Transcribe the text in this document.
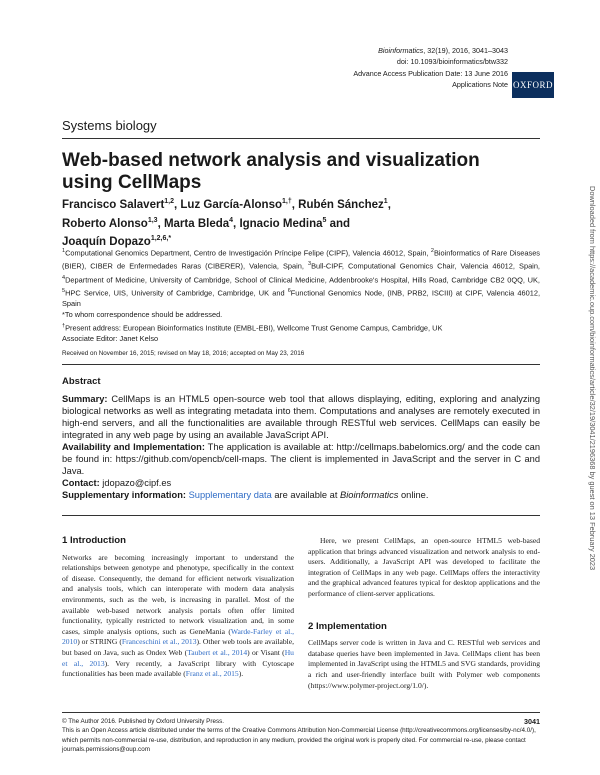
Bioinformatics, 32(19), 2016, 3041–3043
doi: 10.1093/bioinformatics/btw332
Advance Access Publication Date: 13 June 2016
Applications Note OXFORD
Systems biology
Web-based network analysis and visualization using CellMaps
Francisco Salavert$^{1,2}$, Luz García-Alonso$^{1,\dagger}$, Rubén Sánchez$^1$,
Roberto Alonso$^{1,3}$, Marta Bleda$^4$, Ignacio Medina$^5$ and
Joaquín Dopazo$^{1,2,6,*}$
$^1$Computational Genomics Department, Centro de Investigación Príncipe Felipe (CIPF), Valencia 46012, Spain, $^2$Bioinformatics of Rare Diseases (BIER), CIBER de Enfermedades Raras (CIBERER), Valencia, Spain, $^3$Bull-CIPF, Computational Genomics Chair, Valencia 46012, Spain, $^4$Department of Medicine, University of Cambridge, School of Clinical Medicine, Addenbrooke's Hospital, Hills Road, Cambridge CB2 0QQ, UK, $^5$HPC Service, UIS, University of Cambridge, Cambridge, UK and $^6$Functional Genomics Node, (INB, PRB2, ISCIII) at CIPF, Valencia 46012, Spain
*To whom correspondence should be addressed.
†Present address: European Bioinformatics Institute (EMBL-EBI), Wellcome Trust Genome Campus, Cambridge, UK
Associate Editor: Janet Kelso
Received on November 16, 2015; revised on May 18, 2016; accepted on May 23, 2016
Abstract

Summary: CellMaps is an HTML5 open-source web tool that allows displaying, editing, exploring and analyzing biological networks as well as integrating metadata into them. Computations and analyses are remotely executed in high-end servers, and all the functionalities are available through RESTful web services. CellMaps can easily be integrated in any web page by using an available JavaScript API.

Availability and Implementation: The application is available at: http://cellmaps.babelomics.org/ and the code can be found in: https://github.com/opencb/cell-maps. The client is implemented in JavaScript and the server in C and Java.

Contact: jdopazo@cipf.es

Supplementary information: Supplementary data are available at Bioinformatics online.

1 Introduction

Networks are becoming increasingly important to understand the relationships between genotype and phenotype, specifically in the context of disease. Consequently, the demand for efficient network visualization and analysis tools, which can interoperate with modern data analysis environments, such as the web, is increasing in parallel. Most of the available web-based network analysis portals often offer limited functionality, typically restricted to network visualization and, in some cases, simple analysis options, such as GeneMania (Warde-Farley et al., 2010) or STRING (Franceschini et al., 2013). Other web tools are available, but based on Java, such as Ondex Web (Taubert et al., 2014) or Visant (Hu et al., 2013). Very recently, a JavaScript library with Cytoscape functionalities has been made available (Franz et al., 2015).

Here, we present CellMaps, an open-source HTML5 web-based application that brings advanced visualization and network analysis to end-users. Additionally, a JavaScript API was developed to facilitate the integration of CellMaps in any web page. CellMaps offers the interactivity and the graphical advanced features typical for desktop applications and the performance of client-server applications.

2 Implementation

CellMaps server code is written in Java and C. RESTful web services and database queries have been implemented in Java. CellMaps client has been implemented in JavaScript using the HTML5 and SVG standards, providing a rich and user-friendly interface built with Polymer web components (https://www.polymer-project.org/1.0/).

Downloaded from https://academic.oup.com/bioinformatics/article/32/19/3041/2196368 by guest on 13 February 2023
© The Author 2016. Published by Oxford University Press.
This is an Open Access article distributed under the terms of the Creative Commons Attribution Non-Commercial License (http://creativecommons.org/licenses/by-nc/4.0/), which permits non-commercial re-use, distribution, and reproduction in any medium, provided the original work is properly cited. For commercial re-use, please contact journals.permissions@oup.com
3041
